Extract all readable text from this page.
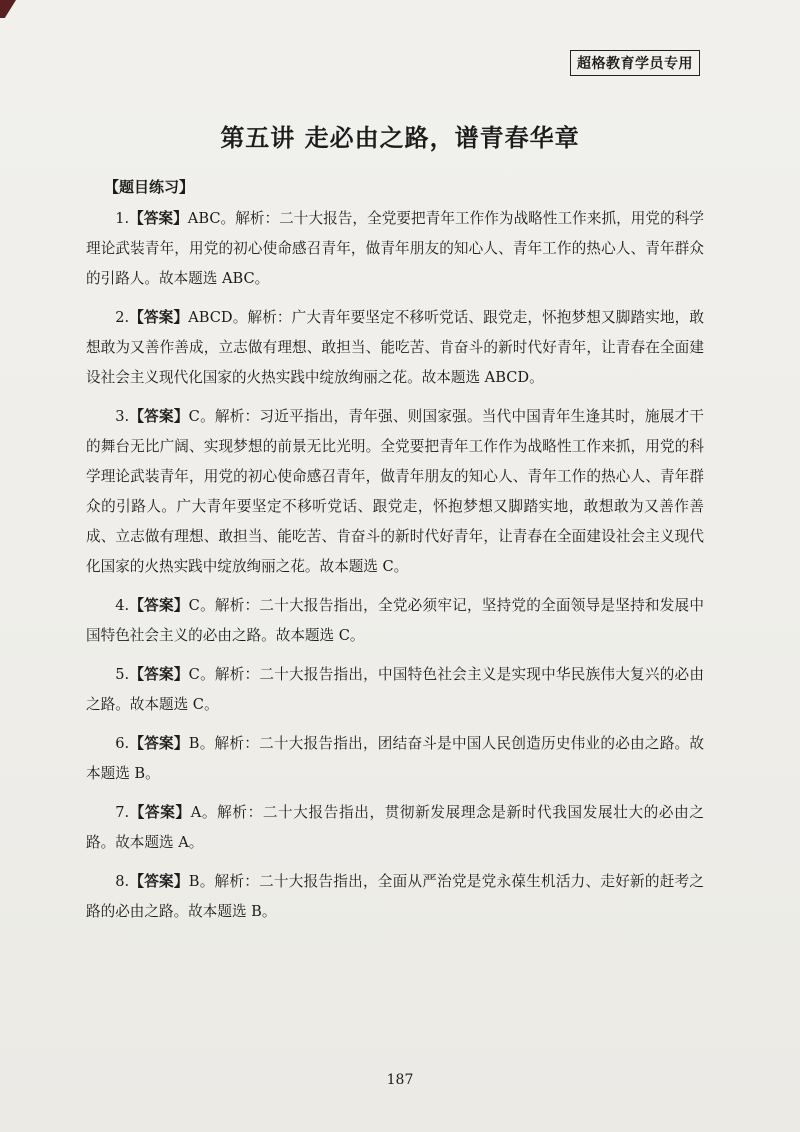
超格教育学员专用
第五讲 走必由之路，谱青春华章
【题目练习】

1.【答案】ABC。解析：二十大报告，全党要把青年工作作为战略性工作来抓，用党的科学理论武装青年，用党的初心使命感召青年，做青年朋友的知心人、青年工作的热心人、青年群众的引路人。故本题选 ABC。

2.【答案】ABCD。解析：广大青年要坚定不移听党话、跟党走，怀抱梦想又脚踏实地，敢想敢为又善作善成，立志做有理想、敢担当、能吃苦、肯奋斗的新时代好青年，让青春在全面建设社会主义现代化国家的火热实践中绽放绚丽之花。故本题选 ABCD。

3.【答案】C。解析：习近平指出，青年强、则国家强。当代中国青年生逢其时，施展才干的舞台无比广阔、实现梦想的前景无比光明。全党要把青年工作作为战略性工作来抓，用党的科学理论武装青年，用党的初心使命感召青年，做青年朋友的知心人、青年工作的热心人、青年群众的引路人。广大青年要坚定不移听党话、跟党走，怀抱梦想又脚踏实地，敢想敢为又善作善成、立志做有理想、敢担当、能吃苦、肯奋斗的新时代好青年，让青春在全面建设社会主义现代化国家的火热实践中绽放绚丽之花。故本题选 C。

4.【答案】C。解析：二十大报告指出，全党必须牢记，坚持党的全面领导是坚持和发展中国特色社会主义的必由之路。故本题选 C。

5.【答案】C。解析：二十大报告指出，中国特色社会主义是实现中华民族伟大复兴的必由之路。故本题选 C。

6.【答案】B。解析：二十大报告指出，团结奋斗是中国人民创造历史伟业的必由之路。故本题选 B。

7.【答案】A。解析：二十大报告指出，贯彻新发展理念是新时代我国发展壮大的必由之路。故本题选 A。

8.【答案】B。解析：二十大报告指出，全面从严治党是党永葆生机活力、走好新的赶考之路的必由之路。故本题选 B。

187
